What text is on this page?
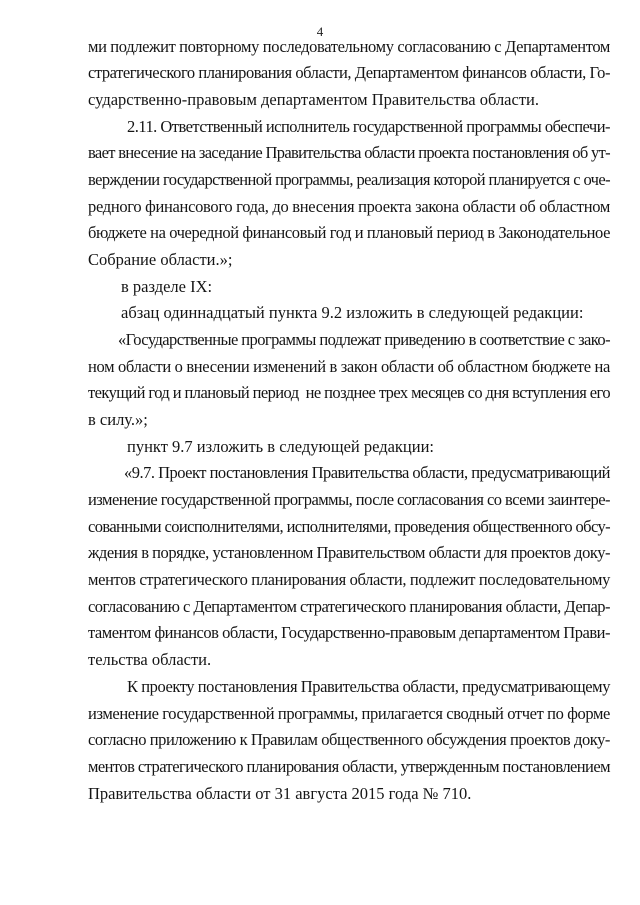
4
ми подлежит повторному последовательному согласованию с Департаментом
стратегического планирования области, Департаментом финансов области, Го-
сударственно-правовым департаментом Правительства области.
2.11. Ответственный исполнитель государственной программы обеспечи-
вает внесение на заседание Правительства области проекта постановления об ут-
верждении государственной программы, реализация которой планируется с оче-
редного финансового года, до внесения проекта закона области об областном
бюджете на очередной финансовый год и плановый период в Законодательное
Собрание области.»;
в разделе IX:
абзац одиннадцатый пункта 9.2 изложить в следующей редакции:
«Государственные программы подлежат приведению в соответствие с зако-
ном области о внесении изменений в закон области об областном бюджете на
текущий год и плановый период  не позднее трех месяцев со дня вступления его
в силу.»;
пункт 9.7 изложить в следующей редакции:
«9.7. Проект постановления Правительства области, предусматривающий
изменение государственной программы, после согласования со всеми заинтере-
сованными соисполнителями, исполнителями, проведения общественного обсу-
ждения в порядке, установленном Правительством области для проектов доку-
ментов стратегического планирования области, подлежит последовательному
согласованию с Департаментом стратегического планирования области, Депар-
таментом финансов области, Государственно-правовым департаментом Прави-
тельства области.
К проекту постановления Правительства области, предусматривающему
изменение государственной программы, прилагается сводный отчет по форме
согласно приложению к Правилам общественного обсуждения проектов доку-
ментов стратегического планирования области, утвержденным постановлением
Правительства области от 31 августа 2015 года № 710.
